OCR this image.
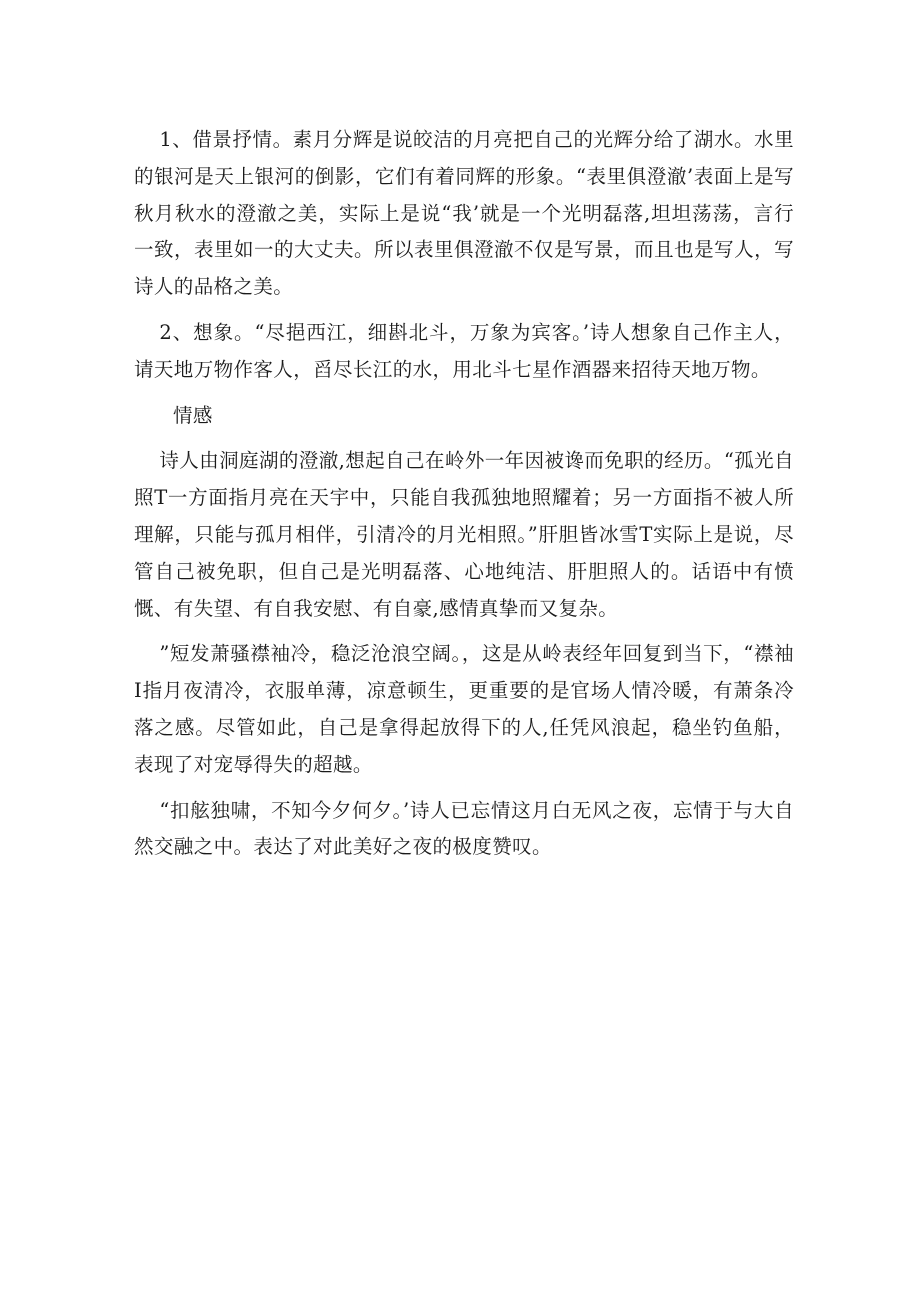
1、借景抒情。素月分辉是说皎洁的月亮把自己的光辉分给了湖水。水里的银河是天上银河的倒影，它们有着同辉的形象。“表里俱澄澈’表面上是写秋月秋水的澄澈之美，实际上是说“我’就是一个光明磊落,坦坦荡荡，言行一致，表里如一的大丈夫。所以表里俱澄澈不仅是写景，而且也是写人，写诗人的品格之美。

2、想象。“尽挹西江，细斟北斗，万象为宾客。’诗人想象自己作主人，请天地万物作客人，舀尽长江的水，用北斗七星作酒器来招待天地万物。

情感

诗人由洞庭湖的澄澈,想起自己在岭外一年因被谗而免职的经历。“孤光自照T一方面指月亮在天宇中，只能自我孤独地照耀着；另一方面指不被人所理解，只能与孤月相伴，引清冷的月光相照。”肝胆皆冰雪T实际上是说，尽管自己被免职，但自己是光明磊落、心地纯洁、肝胆照人的。话语中有愤慨、有失望、有自我安慰、有自豪,感情真挚而又复杂。

”短发萧骚襟袖冷，稳泛沧浪空阔。，这是从岭表经年回复到当下，“襟袖I指月夜清冷，衣服单薄，凉意顿生，更重要的是官场人情冷暖，有萧条冷落之感。尽管如此，自己是拿得起放得下的人,任凭风浪起，稳坐钓鱼船，表现了对宠辱得失的超越。

“扣舷独啸，不知今夕何夕。’诗人已忘情这月白无风之夜，忘情于与大自然交融之中。表达了对此美好之夜的极度赞叹。
